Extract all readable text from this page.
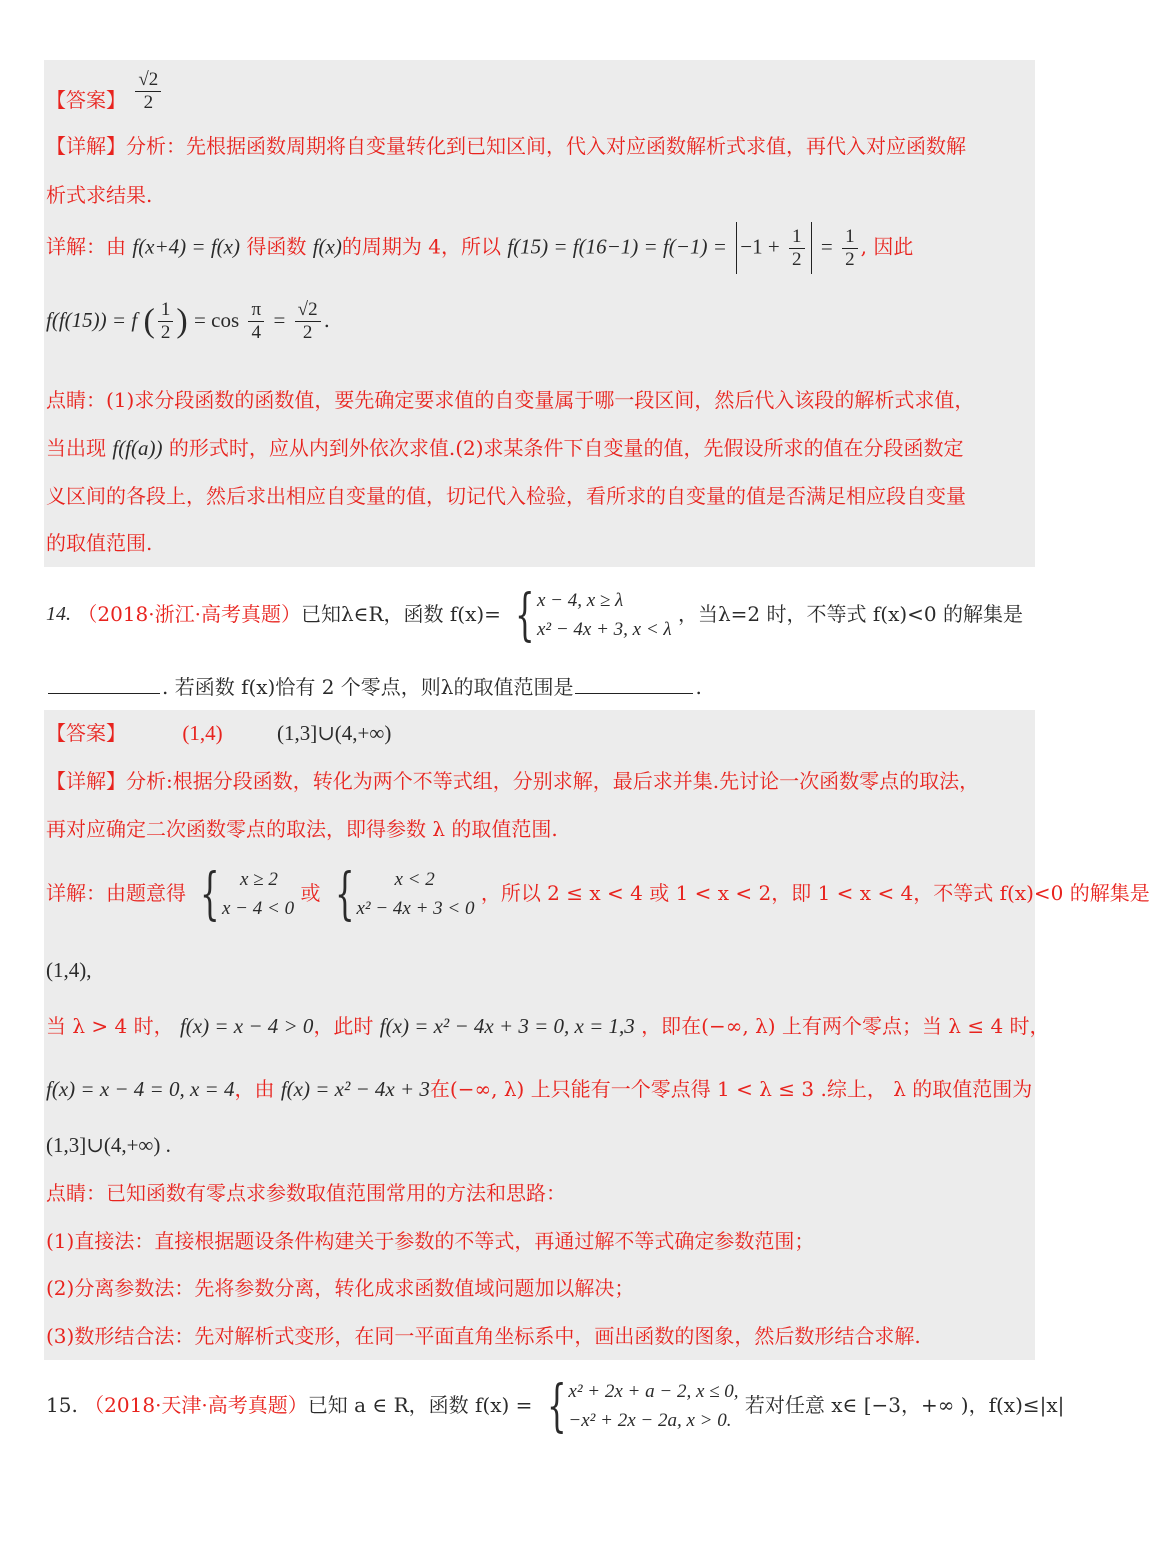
【答案】 $\frac{√2}{2}$
【详解】分析：先根据函数周期将自变量转化到已知区间，代入对应函数解析式求值，再代入对应函数解
析式求结果.
详解：由 f(x+4) = f(x) 得函数 f(x)的周期为 4，所以 $f(15) = f(16-1) = f(-1) = -1 + \frac{1}{2} = \frac{1}{2}$ , 因此
f(f(15)) = f ( $\frac{1}{2}$ ) = $\cos \frac{\pi}{4} = \frac{√2}{2}$ .
点睛：(1)求分段函数的函数值，要先确定要求值的自变量属于哪一段区间，然后代入该段的解析式求值，
当出现 f(f(a)) 的形式时，应从内到外依次求值.(2)求某条件下自变量的值，先假设所求的值在分段函数定
义区间的各段上，然后求出相应自变量的值，切记代入检验，看所求的自变量的值是否满足相应段自变量
的取值范围.
14. （2018·浙江·高考真题）已知λ∈R，函数 f(x)= { x − 4, x ≥ λ
x² − 4x + 3, x < λ
，当λ=2 时，不等式 f(x)<0 的解集是
. 若函数 f(x)恰有 2 个零点，则λ的取值范围是	.
【答案】	(1,4)	(1,3]∪(4,+∞)
【详解】分析:根据分段函数，转化为两个不等式组，分别求解，最后求并集.先讨论一次函数零点的取法，
再对应确定二次函数零点的取法，即得参数 λ 的取值范围.
详解：由题意得 { x ≥ 2
x − 4 < 0
或 { x < 2
x² − 4x + 3 < 0
，所以 2 ≤ x < 4 或 1 < x < 2，即 1 < x < 4，不等式 f(x)<0 的解集是
(1,4),
当 λ > 4 时， f(x) = x − 4 > 0，此时 f(x) = x² − 4x + 3 = 0, x = 1,3 ，即在(−∞, λ) 上有两个零点；当 λ ≤ 4 时，
f(x) = x − 4 = 0, x = 4，由 f(x) = x² − 4x + 3在(−∞, λ) 上只能有一个零点得 1 < λ ≤ 3 .综上， λ 的取值范围为
(1,3]∪(4,+∞) .
点睛：已知函数有零点求参数取值范围常用的方法和思路：
(1)直接法：直接根据题设条件构建关于参数的不等式，再通过解不等式确定参数范围；
(2)分离参数法：先将参数分离，转化成求函数值域问题加以解决；
(3)数形结合法：先对解析式变形，在同一平面直角坐标系中，画出函数的图象，然后数形结合求解.
15. （2018·天津·高考真题）已知 a ∈ R，函数 f(x) = { x² + 2x + a − 2, x ≤ 0,
−x² + 2x − 2a, x > 0.
若对任意 x∈ [−3，+∞ )，f(x)≤|x|
